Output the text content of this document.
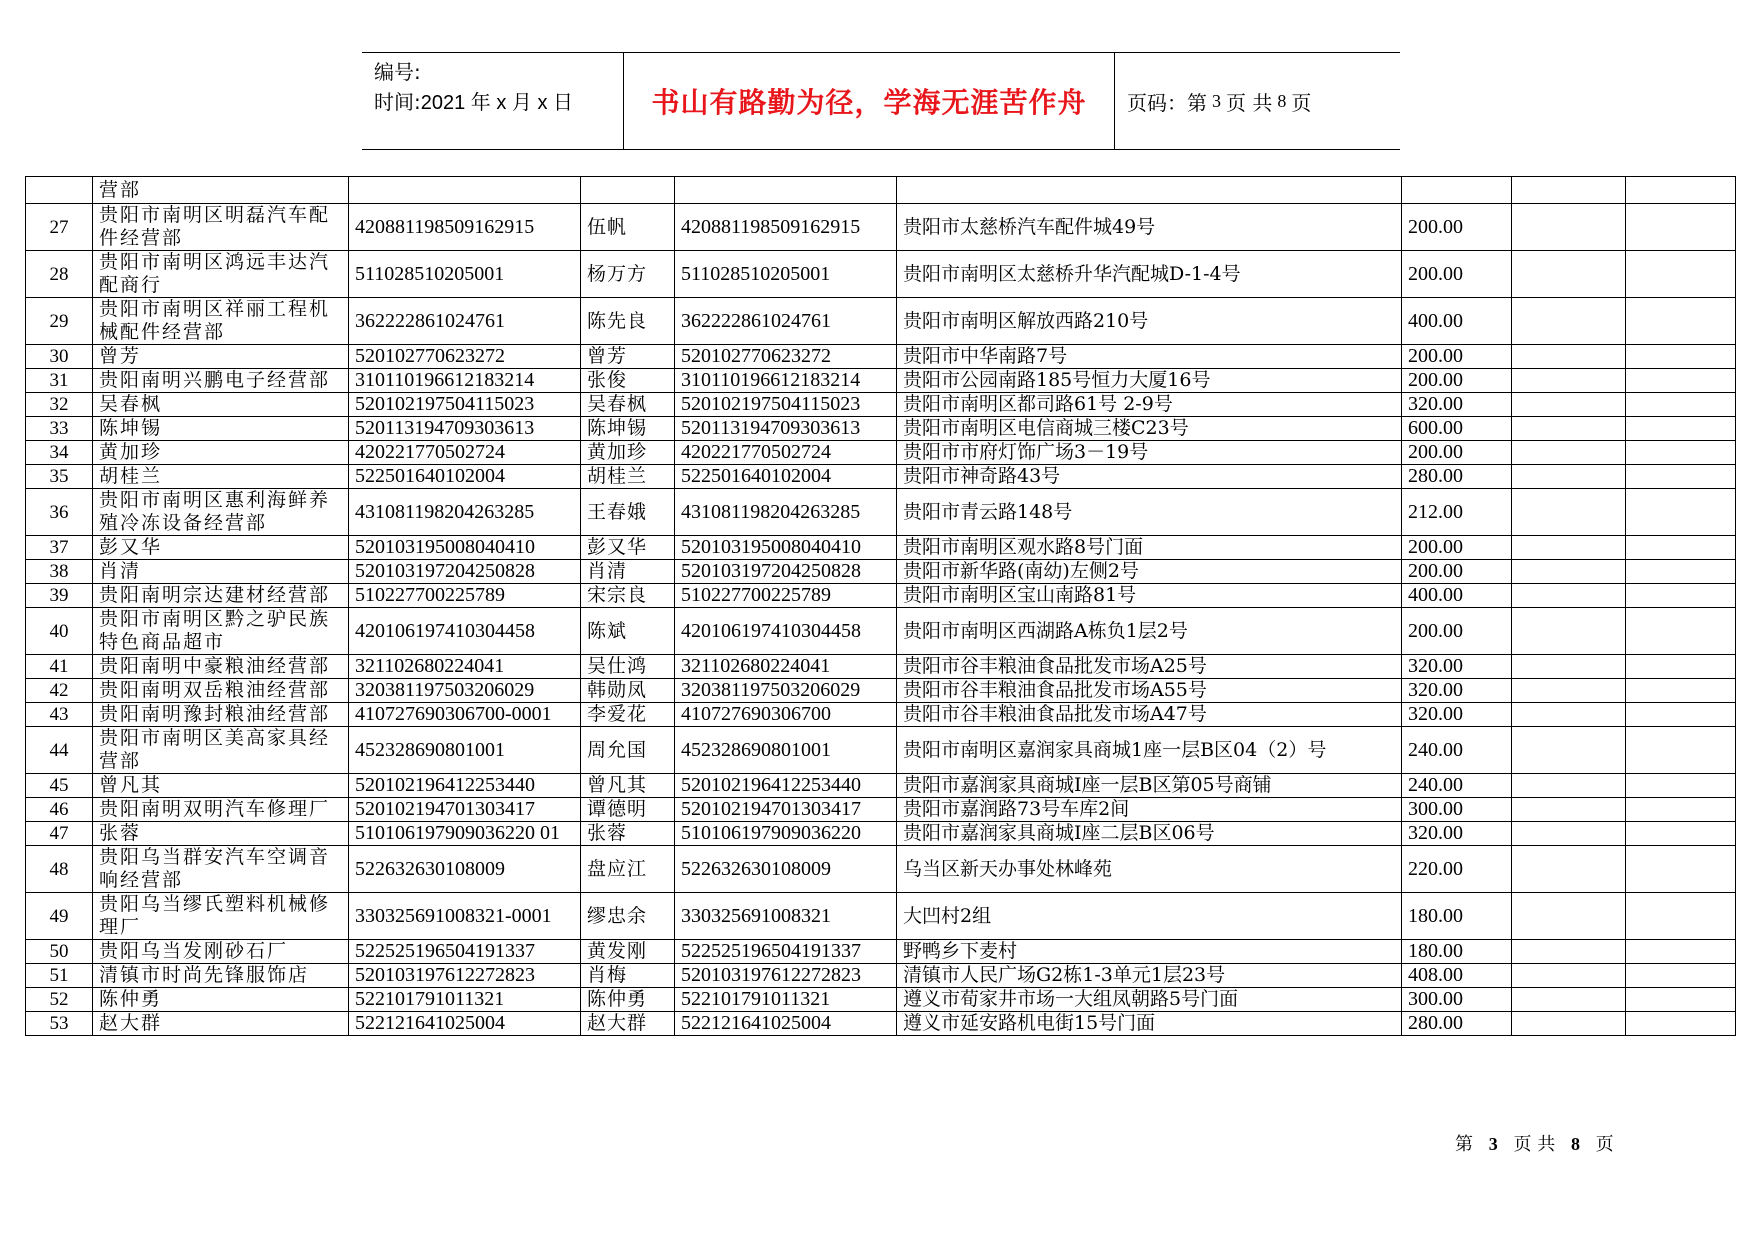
编号:
时间:2021 年 x 月 x 日	书山有路勤为径，学海无涯苦作舟	页码：第 3 页 共 8 页
	营部							
27	贵阳市南明区明磊汽车配件经营部	420881198509162915	伍帆	420881198509162915	贵阳市太慈桥汽车配件城49号	200.00		
28	贵阳市南明区鸿远丰达汽配商行	511028510205001	杨万方	511028510205001	贵阳市南明区太慈桥升华汽配城D-1-4号	200.00		
29	贵阳市南明区祥丽工程机械配件经营部	362222861024761	陈先良	362222861024761	贵阳市南明区解放西路210号	400.00		
30	曾芳	520102770623272	曾芳	520102770623272	贵阳市中华南路7号	200.00		
31	贵阳南明兴鹏电子经营部	310110196612183214	张俊	310110196612183214	贵阳市公园南路185号恒力大厦16号	200.00		
32	吴春枫	520102197504115023	吴春枫	520102197504115023	贵阳市南明区都司路61号 2-9号	320.00		
33	陈坤锡	520113194709303613	陈坤锡	520113194709303613	贵阳市南明区电信商城三楼C23号	600.00		
34	黄加珍	420221770502724	黄加珍	420221770502724	贵阳市市府灯饰广场3－19号	200.00		
35	胡桂兰	522501640102004	胡桂兰	522501640102004	贵阳市神奇路43号	280.00		
36	贵阳市南明区惠利海鲜养殖冷冻设备经营部	431081198204263285	王春娥	431081198204263285	贵阳市青云路148号	212.00		
37	彭又华	520103195008040410	彭又华	520103195008040410	贵阳市南明区观水路8号门面	200.00		
38	肖清	520103197204250828	肖清	520103197204250828	贵阳市新华路(南幼)左侧2号	200.00		
39	贵阳南明宗达建材经营部	510227700225789	宋宗良	510227700225789	贵阳市南明区宝山南路81号	400.00		
40	贵阳市南明区黔之驴民族特色商品超市	420106197410304458	陈斌	420106197410304458	贵阳市南明区西湖路A栋负1层2号	200.00		
41	贵阳南明中豪粮油经营部	321102680224041	吴仕鸿	321102680224041	贵阳市谷丰粮油食品批发市场A25号	320.00		
42	贵阳南明双岳粮油经营部	320381197503206029	韩勋凤	320381197503206029	贵阳市谷丰粮油食品批发市场A55号	320.00		
43	贵阳南明豫封粮油经营部	410727690306700-0001	李爱花	410727690306700	贵阳市谷丰粮油食品批发市场A47号	320.00		
44	贵阳市南明区美高家具经营部	452328690801001	周允国	452328690801001	贵阳市南明区嘉润家具商城1座一层B区04（2）号	240.00		
45	曾凡其	520102196412253440	曾凡其	520102196412253440	贵阳市嘉润家具商城I座一层B区第05号商铺	240.00		
46	贵阳南明双明汽车修理厂	520102194701303417	谭德明	520102194701303417	贵阳市嘉润路73号车库2间	300.00		
47	张蓉	510106197909036220 01	张蓉	510106197909036220	贵阳市嘉润家具商城I座二层B区06号	320.00		
48	贵阳乌当群安汽车空调音响经营部	522632630108009	盘应江	522632630108009	乌当区新天办事处林峰苑	220.00		
49	贵阳乌当缪氏塑料机械修理厂	330325691008321-0001	缪忠余	330325691008321	大凹村2组	180.00		
50	贵阳乌当发刚砂石厂	522525196504191337	黄发刚	522525196504191337	野鸭乡下麦村	180.00		
51	清镇市时尚先锋服饰店	520103197612272823	肖梅	520103197612272823	清镇市人民广场G2栋1-3单元1层23号	408.00		
52	陈仲勇	522101791011321	陈仲勇	522101791011321	遵义市荀家井市场一大组凤朝路5号门面	300.00		
53	赵大群	522121641025004	赵大群	522121641025004	遵义市延安路机电街15号门面	280.00		
第 3 页 共 8 页
